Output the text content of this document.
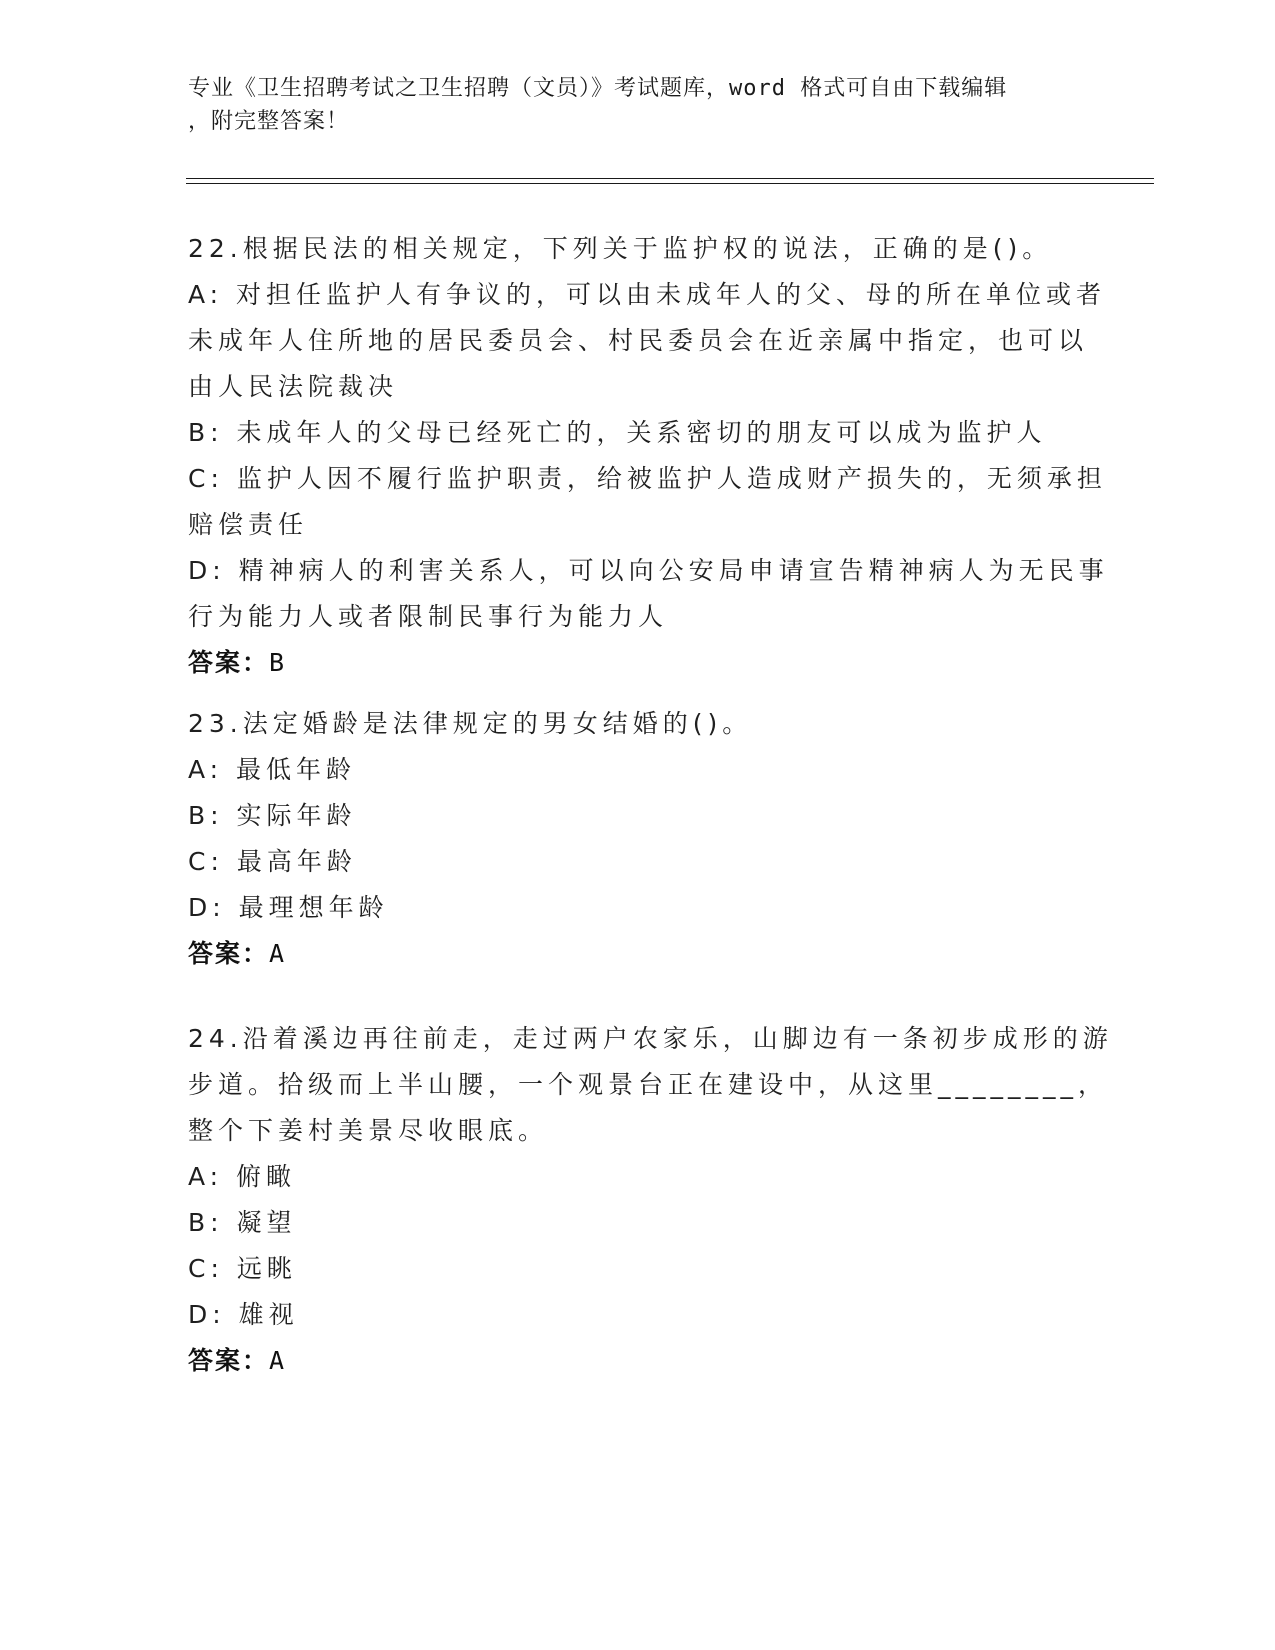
专业《卫生招聘考试之卫生招聘（文员）》考试题库，word 格式可自由下载编辑
，附完整答案！
22.根据民法的相关规定，下列关于监护权的说法，正确的是()。
A: 对担任监护人有争议的，可以由未成年人的父、母的所在单位或者
未成年人住所地的居民委员会、村民委员会在近亲属中指定，也可以
由人民法院裁决
B: 未成年人的父母已经死亡的，关系密切的朋友可以成为监护人
C: 监护人因不履行监护职责，给被监护人造成财产损失的，无须承担
赔偿责任
D: 精神病人的利害关系人，可以向公安局申请宣告精神病人为无民事
行为能力人或者限制民事行为能力人
答案：B
23.法定婚龄是法律规定的男女结婚的()。
A: 最低年龄
B: 实际年龄
C: 最高年龄
D: 最理想年龄
答案：A
24.沿着溪边再往前走，走过两户农家乐，山脚边有一条初步成形的游
步道。拾级而上半山腰，一个观景台正在建设中，从这里________，
整个下姜村美景尽收眼底。
A: 俯瞰
B: 凝望
C: 远眺
D: 雄视
答案：A
